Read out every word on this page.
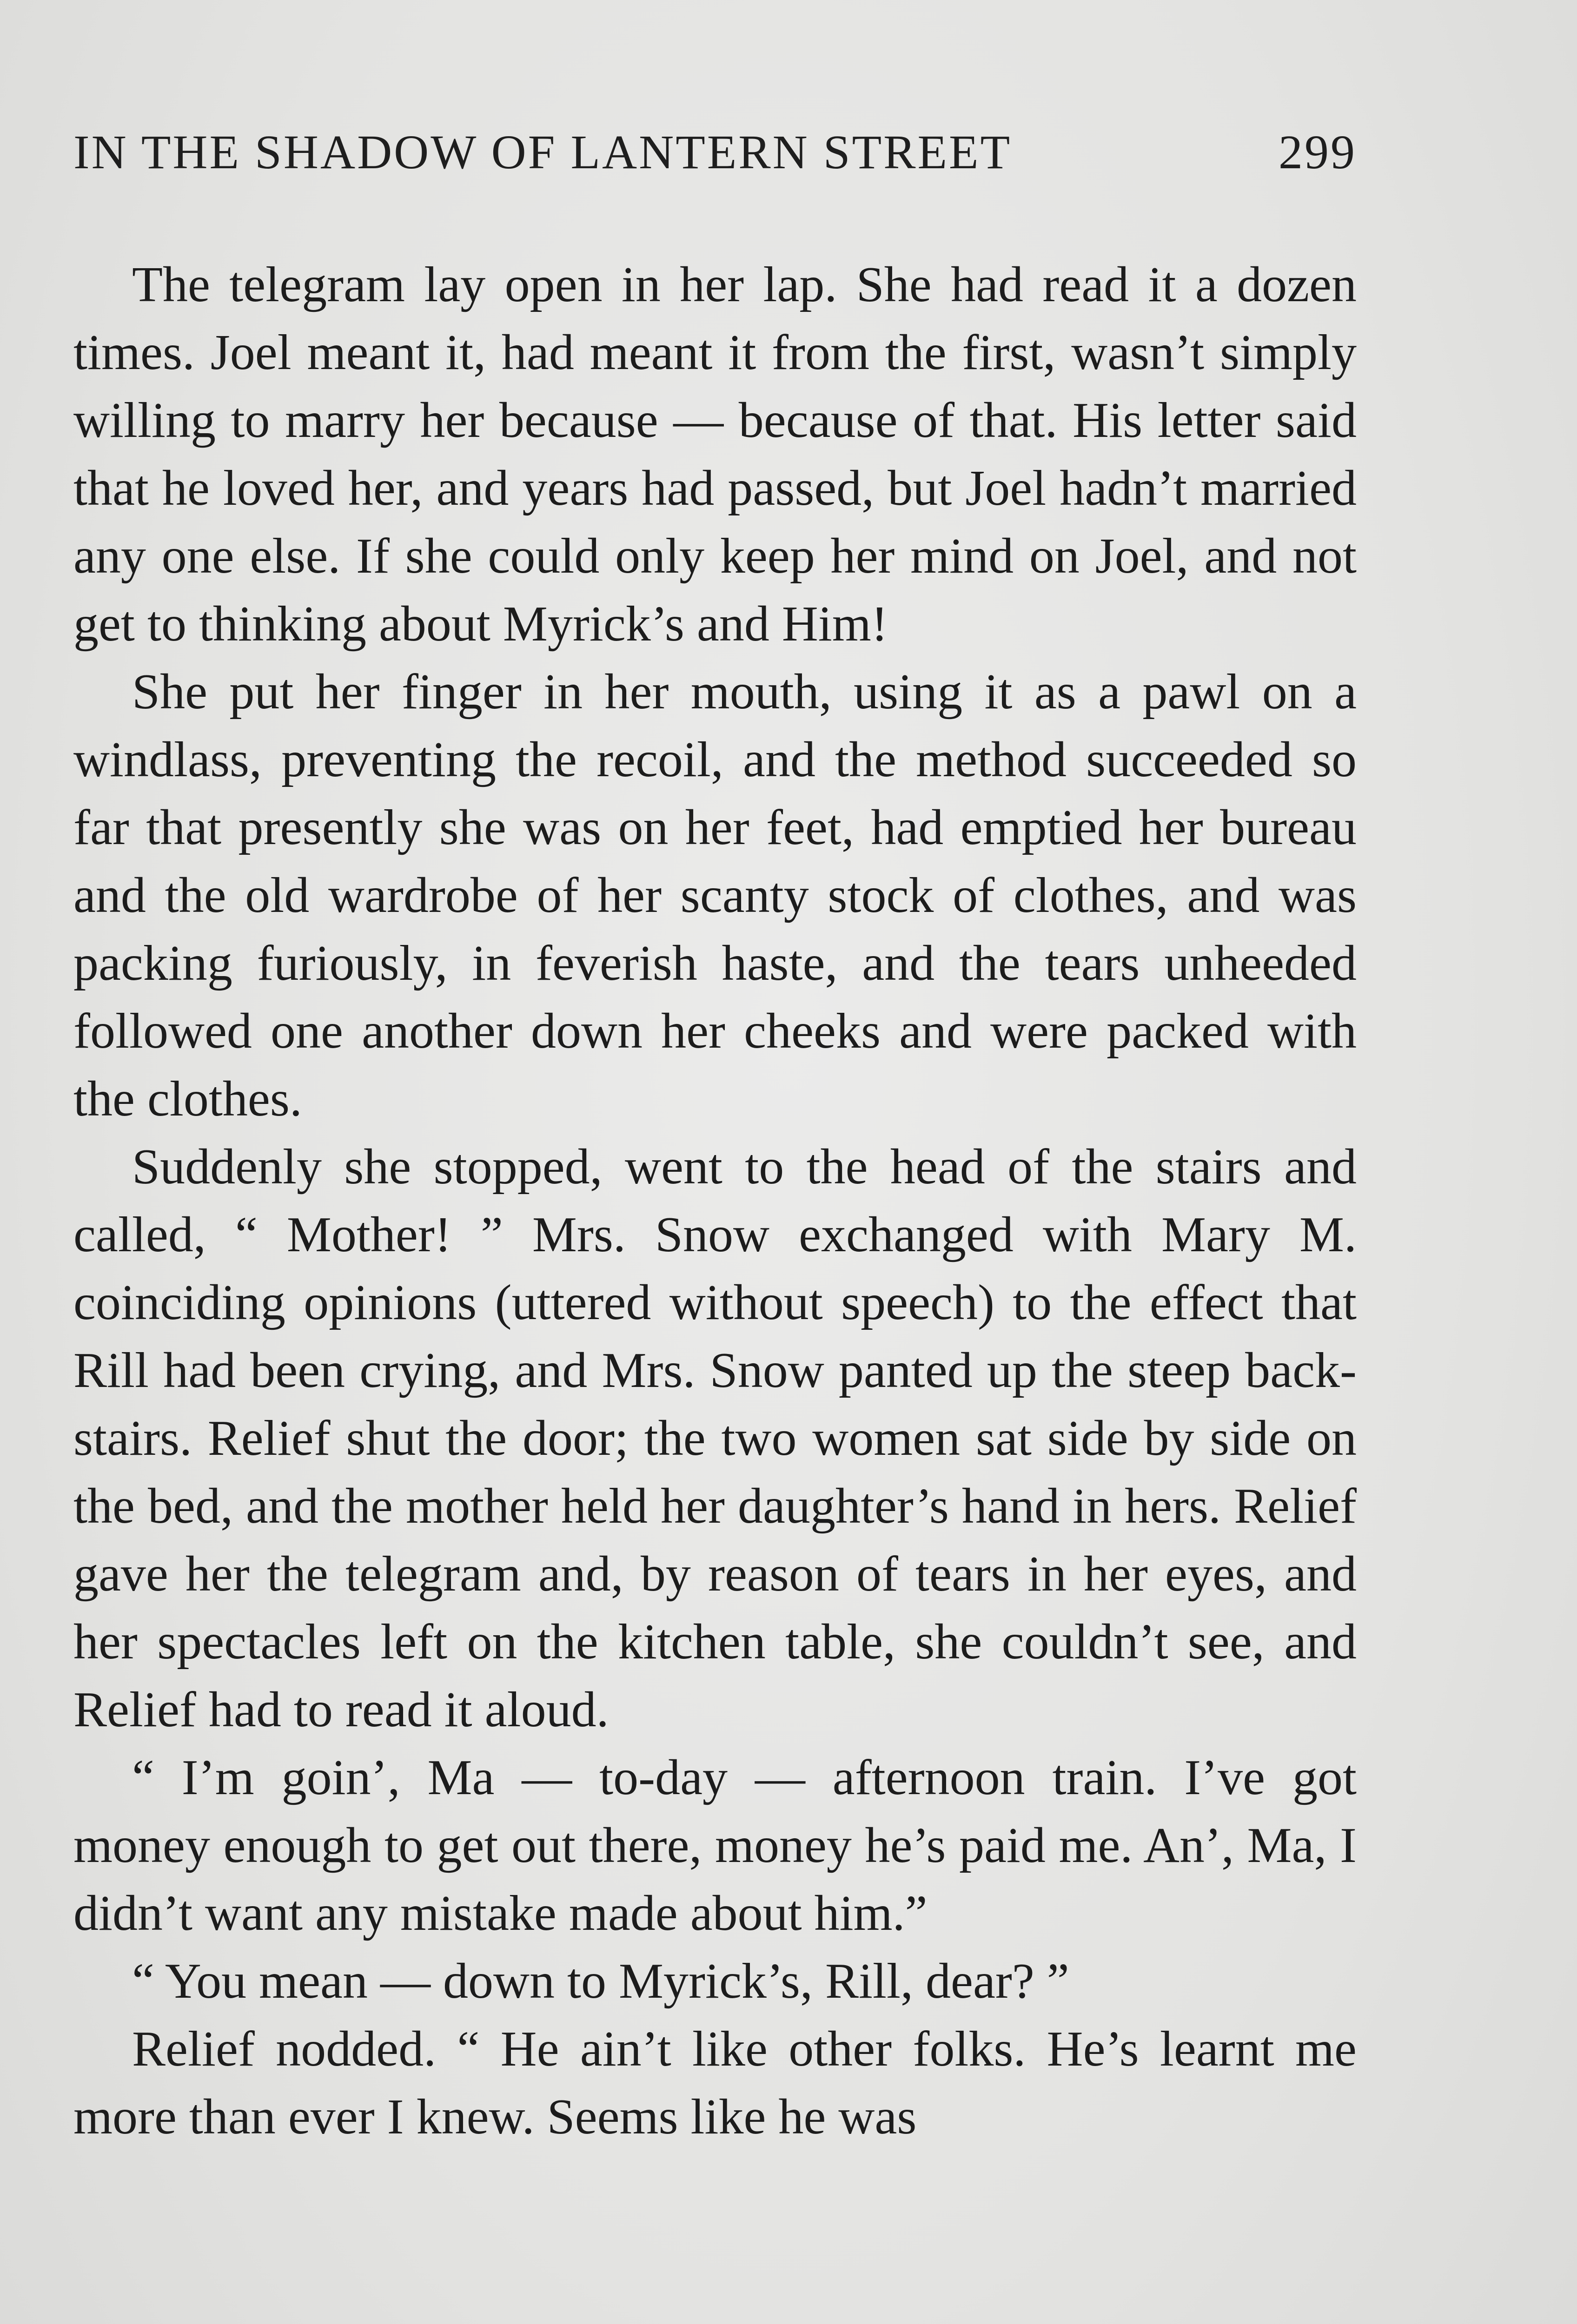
IN THE SHADOW OF LANTERN STREET	299

The telegram lay open in her lap. She had read it a dozen times. Joel meant it, had meant it from the first, wasn’t simply willing to marry her because — because of that. His letter said that he loved her, and years had passed, but Joel hadn’t married any one else. If she could only keep her mind on Joel, and not get to thinking about Myrick’s and Him!

She put her finger in her mouth, using it as a pawl on a windlass, preventing the recoil, and the method succeeded so far that presently she was on her feet, had emptied her bureau and the old wardrobe of her scanty stock of clothes, and was packing furiously, in feverish haste, and the tears unheeded followed one another down her cheeks and were packed with the clothes.

Suddenly she stopped, went to the head of the stairs and called, “ Mother! ” Mrs. Snow exchanged with Mary M. coinciding opinions (uttered without speech) to the effect that Rill had been crying, and Mrs. Snow panted up the steep back-stairs. Relief shut the door; the two women sat side by side on the bed, and the mother held her daughter’s hand in hers. Relief gave her the telegram and, by reason of tears in her eyes, and her spectacles left on the kitchen table, she couldn’t see, and Relief had to read it aloud.

“ I’m goin’, Ma — to-day — afternoon train. I’ve got money enough to get out there, money he’s paid me. An’, Ma, I didn’t want any mistake made about him.”

“ You mean — down to Myrick’s, Rill, dear? ”

Relief nodded. “ He ain’t like other folks. He’s learnt me more than ever I knew. Seems like he was
